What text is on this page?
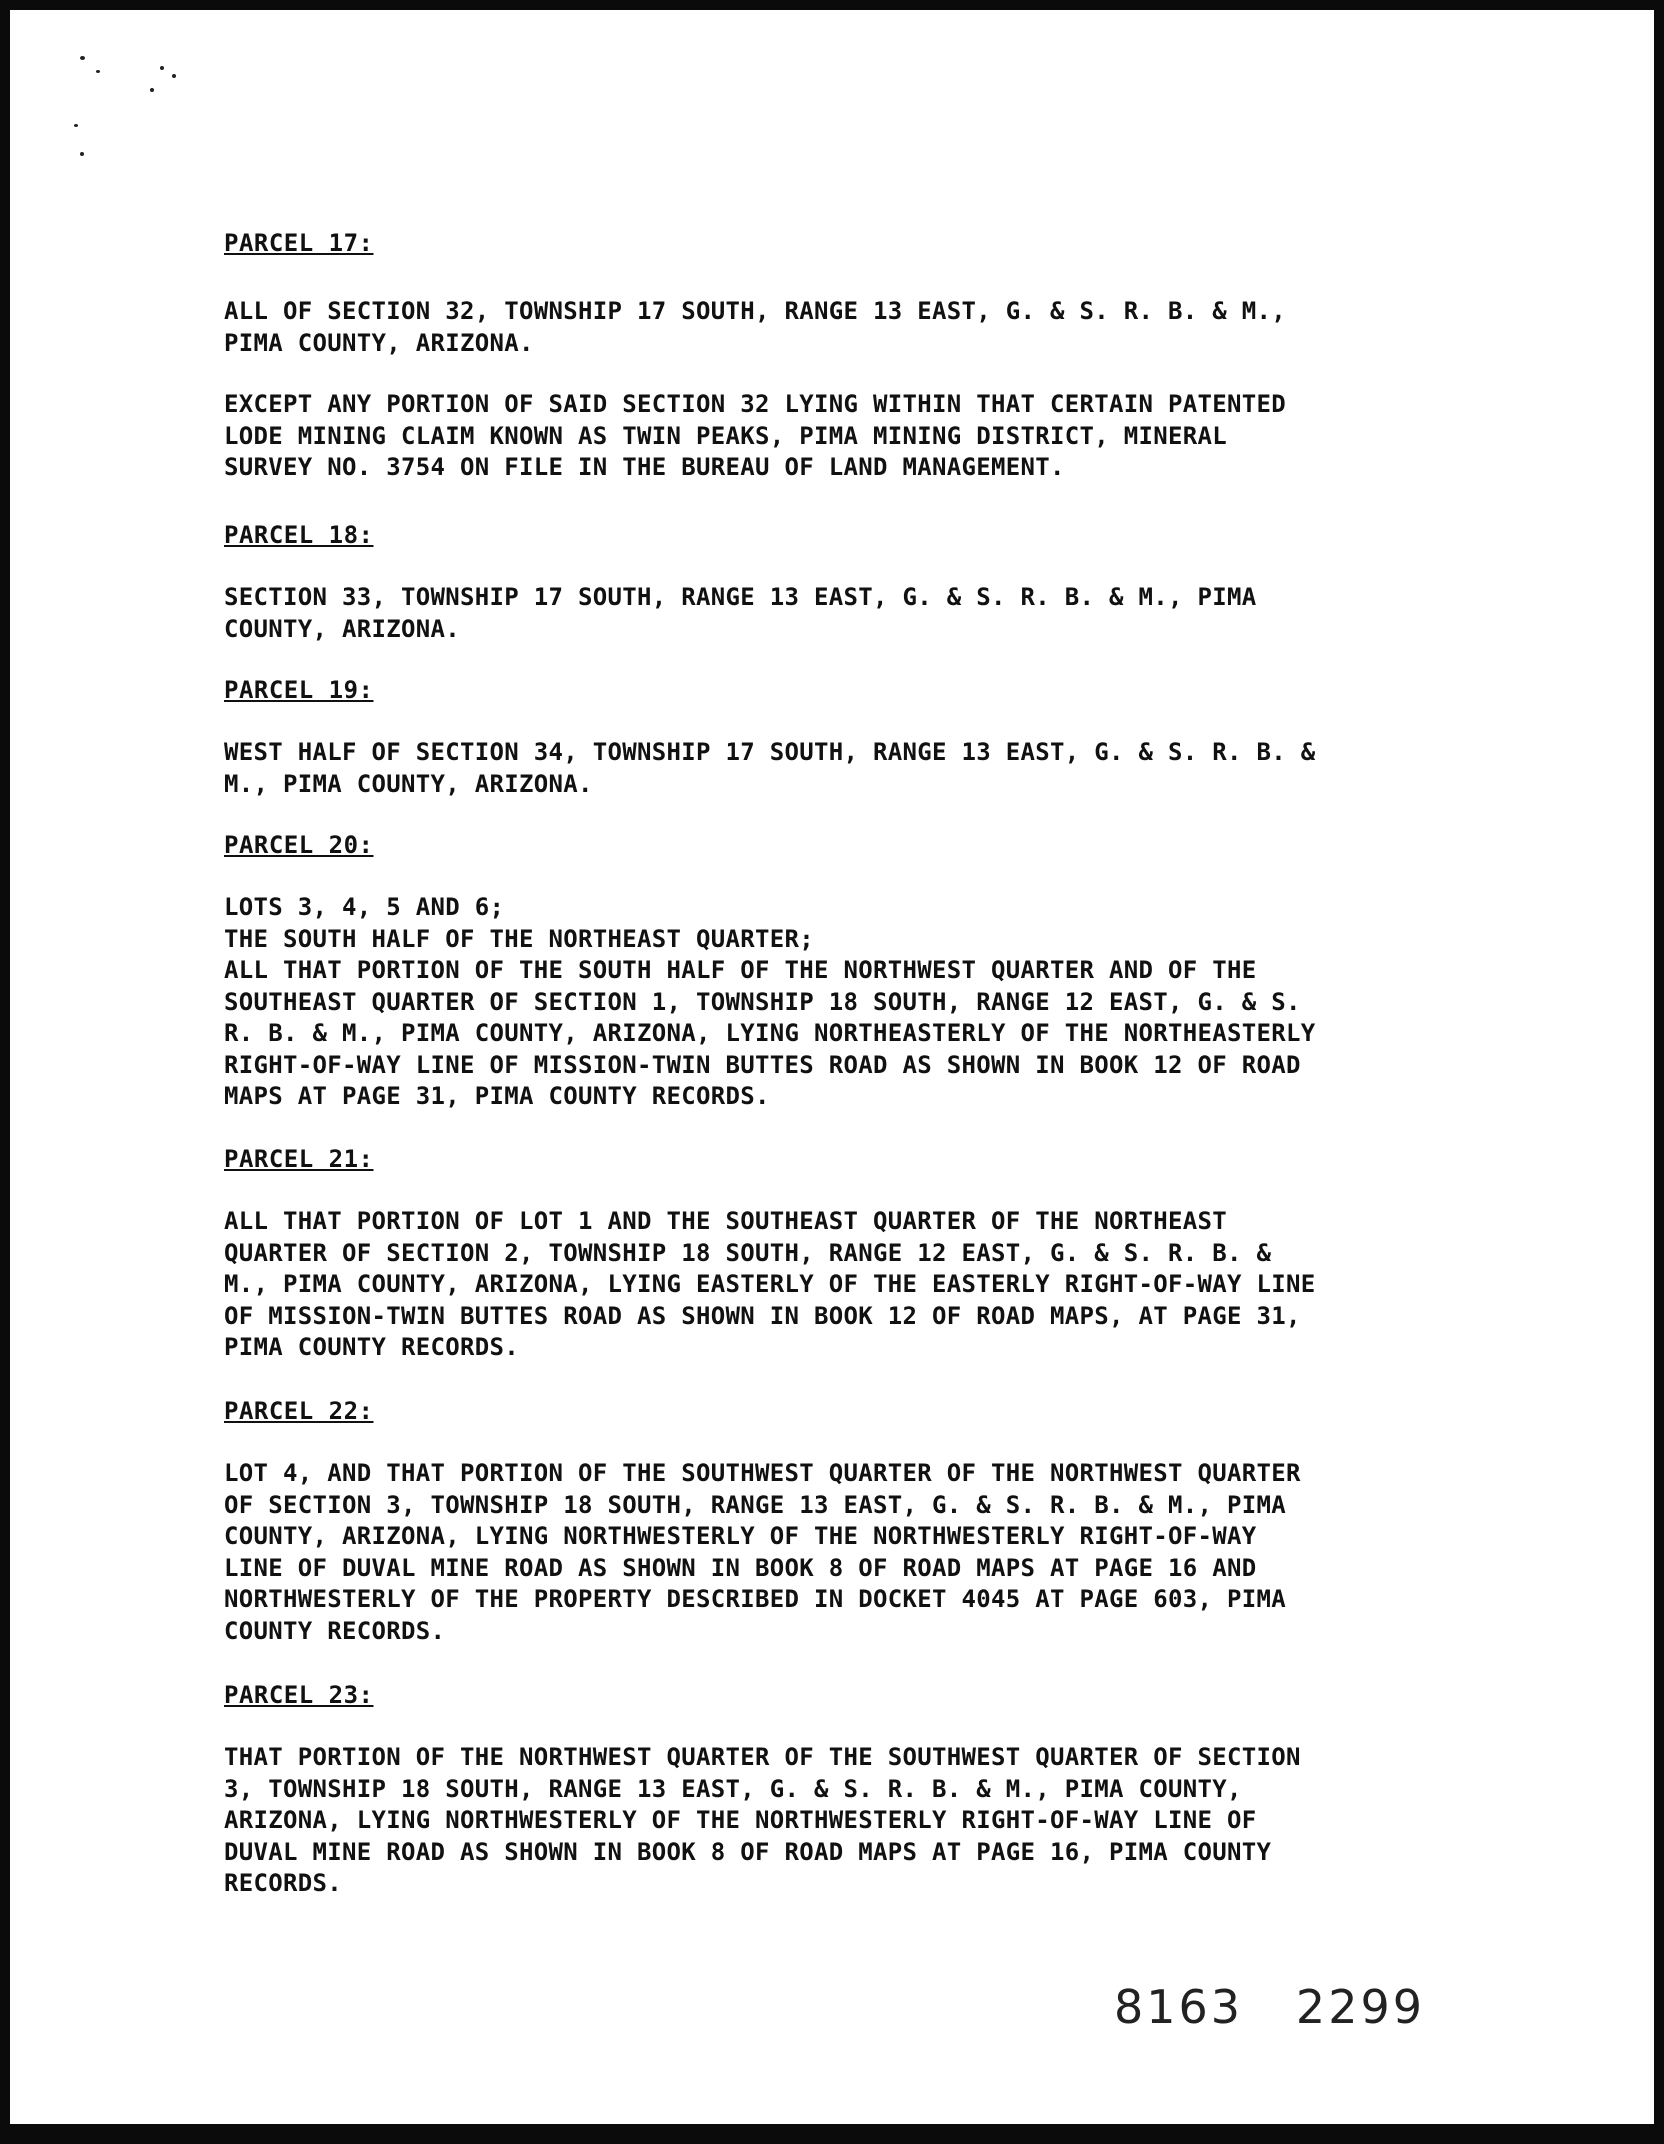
PARCEL 17:

ALL OF SECTION 32, TOWNSHIP 17 SOUTH, RANGE 13 EAST, G. & S. R. B. & M.,
PIMA COUNTY, ARIZONA.

EXCEPT ANY PORTION OF SAID SECTION 32 LYING WITHIN THAT CERTAIN PATENTED
LODE MINING CLAIM KNOWN AS TWIN PEAKS, PIMA MINING DISTRICT, MINERAL
SURVEY NO. 3754 ON FILE IN THE BUREAU OF LAND MANAGEMENT.

PARCEL 18:

SECTION 33, TOWNSHIP 17 SOUTH, RANGE 13 EAST, G. & S. R. B. & M., PIMA
COUNTY, ARIZONA.

PARCEL 19:

WEST HALF OF SECTION 34, TOWNSHIP 17 SOUTH, RANGE 13 EAST, G. & S. R. B. &
M., PIMA COUNTY, ARIZONA.

PARCEL 20:

LOTS 3, 4, 5 AND 6;
THE SOUTH HALF OF THE NORTHEAST QUARTER;
ALL THAT PORTION OF THE SOUTH HALF OF THE NORTHWEST QUARTER AND OF THE
SOUTHEAST QUARTER OF SECTION 1, TOWNSHIP 18 SOUTH, RANGE 12 EAST, G. & S.
R. B. & M., PIMA COUNTY, ARIZONA, LYING NORTHEASTERLY OF THE NORTHEASTERLY
RIGHT-OF-WAY LINE OF MISSION-TWIN BUTTES ROAD AS SHOWN IN BOOK 12 OF ROAD
MAPS AT PAGE 31, PIMA COUNTY RECORDS.

PARCEL 21:

ALL THAT PORTION OF LOT 1 AND THE SOUTHEAST QUARTER OF THE NORTHEAST
QUARTER OF SECTION 2, TOWNSHIP 18 SOUTH, RANGE 12 EAST, G. & S. R. B. &
M., PIMA COUNTY, ARIZONA, LYING EASTERLY OF THE EASTERLY RIGHT-OF-WAY LINE
OF MISSION-TWIN BUTTES ROAD AS SHOWN IN BOOK 12 OF ROAD MAPS, AT PAGE 31,
PIMA COUNTY RECORDS.

PARCEL 22:

LOT 4, AND THAT PORTION OF THE SOUTHWEST QUARTER OF THE NORTHWEST QUARTER
OF SECTION 3, TOWNSHIP 18 SOUTH, RANGE 13 EAST, G. & S. R. B. & M., PIMA
COUNTY, ARIZONA, LYING NORTHWESTERLY OF THE NORTHWESTERLY RIGHT-OF-WAY
LINE OF DUVAL MINE ROAD AS SHOWN IN BOOK 8 OF ROAD MAPS AT PAGE 16 AND
NORTHWESTERLY OF THE PROPERTY DESCRIBED IN DOCKET 4045 AT PAGE 603, PIMA
COUNTY RECORDS.

PARCEL 23:

THAT PORTION OF THE NORTHWEST QUARTER OF THE SOUTHWEST QUARTER OF SECTION
3, TOWNSHIP 18 SOUTH, RANGE 13 EAST, G. & S. R. B. & M., PIMA COUNTY,
ARIZONA, LYING NORTHWESTERLY OF THE NORTHWESTERLY RIGHT-OF-WAY LINE OF
DUVAL MINE ROAD AS SHOWN IN BOOK 8 OF ROAD MAPS AT PAGE 16, PIMA COUNTY
RECORDS.

8163   2299
